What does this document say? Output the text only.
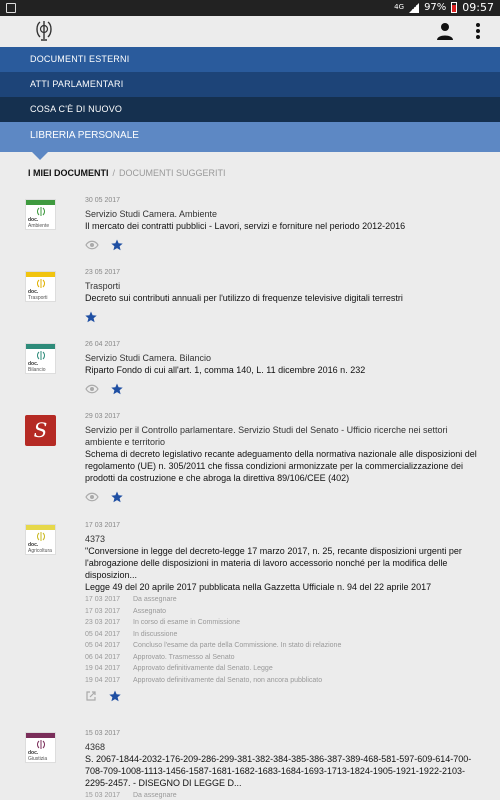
4G 97% 09:57
DOCUMENTI ESTERNI
ATTI PARLAMENTARI
COSA C'È DI NUOVO
LIBRERIA PERSONALE
I MIEI DOCUMENTI / DOCUMENTI SUGGERITI
doc.
Ambiente
30 05 2017
Servizio Studi Camera. Ambiente
Il mercato dei contratti pubblici - Lavori, servizi e forniture nel periodo 2012-2016
doc.
Trasporti
23 05 2017
Trasporti
Decreto sui contributi annuali per l'utilizzo di frequenze televisive digitali terrestri
doc.
Bilancio
26 04 2017
Servizio Studi Camera. Bilancio
Riparto Fondo di cui all'art. 1, comma 140, L. 11 dicembre 2016 n. 232
S
29 03 2017
Servizio per il Controllo parlamentare. Servizio Studi del Senato - Ufficio ricerche nei settori ambiente e territorio
Schema di decreto legislativo recante adeguamento della normativa nazionale alle disposizioni del regolamento (UE) n. 305/2011 che fissa condizioni armonizzate per la commercializzazione dei prodotti da costruzione e che abroga la direttiva 89/106/CEE (402)
doc.
Agricoltura
17 03 2017
4373
"Conversione in legge del decreto-legge 17 marzo 2017, n. 25, recante disposizioni urgenti per l'abrogazione delle disposizioni in materia di lavoro accessorio nonché per la modifica delle disposizion...
Legge 49 del 20 aprile 2017 pubblicata nella Gazzetta Ufficiale n. 94 del 22 aprile 2017
17 03 2017	Da assegnare
17 03 2017	Assegnato
23 03 2017	In corso di esame in Commissione
05 04 2017	In discussione
05 04 2017	Concluso l'esame da parte della Commissione. In stato di relazione
06 04 2017	Approvato. Trasmesso al Senato
19 04 2017	Approvato definitivamente dal Senato. Legge
19 04 2017	Approvato definitivamente dal Senato, non ancora pubblicato
doc.
Giustizia
15 03 2017
4368
S. 2067-1844-2032-176-209-286-299-381-382-384-385-386-387-389-468-581-597-609-614-700-708-709-1008-1113-1456-1587-1681-1682-1683-1684-1693-1713-1824-1905-1921-1922-2103-2295-2457. - DISEGNO DI LEGGE D...
15 03 2017	Da assegnare
